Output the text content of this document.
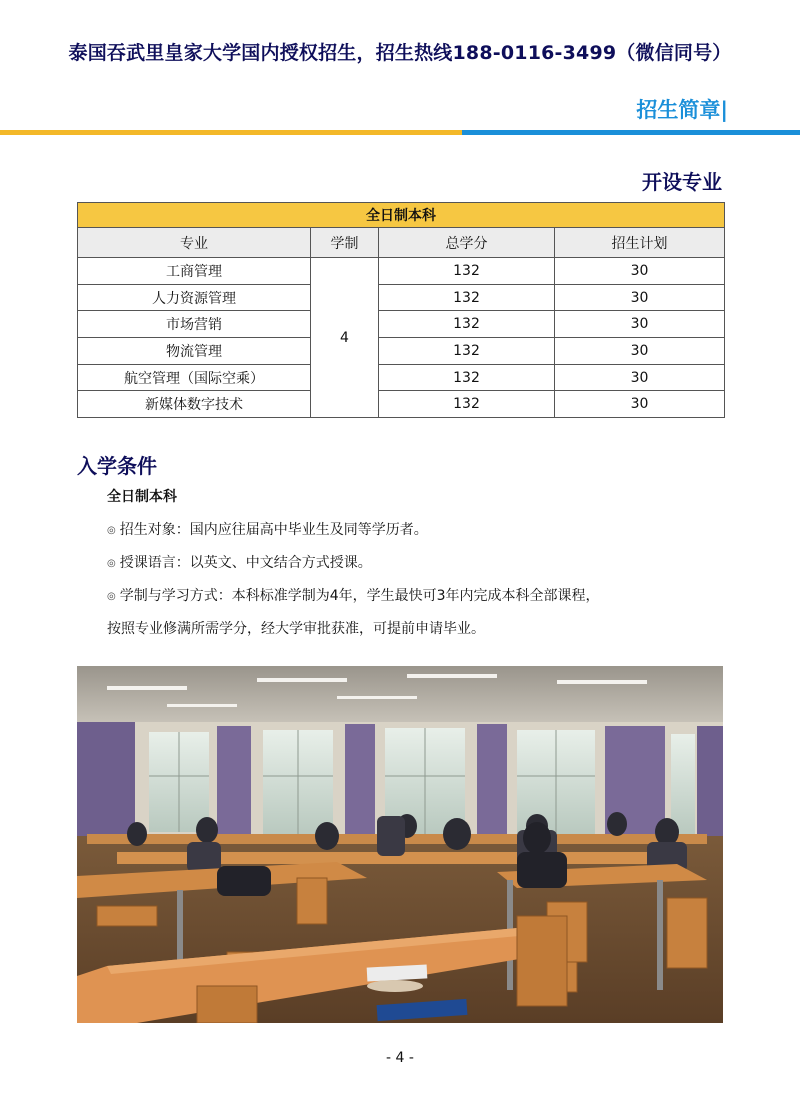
泰国吞武里皇家大学国内授权招生，招生热线188-0116-3499（微信同号）
招生简章|
开设专业
全日制本科			
专业	学制	总学分	招生计划
工商管理	4	132	30
人力资源管理		132	30
市场营销		132	30
物流管理		132	30
航空管理（国际空乘）		132	30
新媒体数字技术		132	30
入学条件
全日制本科
◎ 招生对象：国内应往届高中毕业生及同等学历者。
◎ 授课语言：以英文、中文结合方式授课。
◎ 学制与学习方式：本科标准学制为4年，学生最快可3年内完成本科全部课程，
按照专业修满所需学分，经大学审批获准，可提前申请毕业。
- 4 -
